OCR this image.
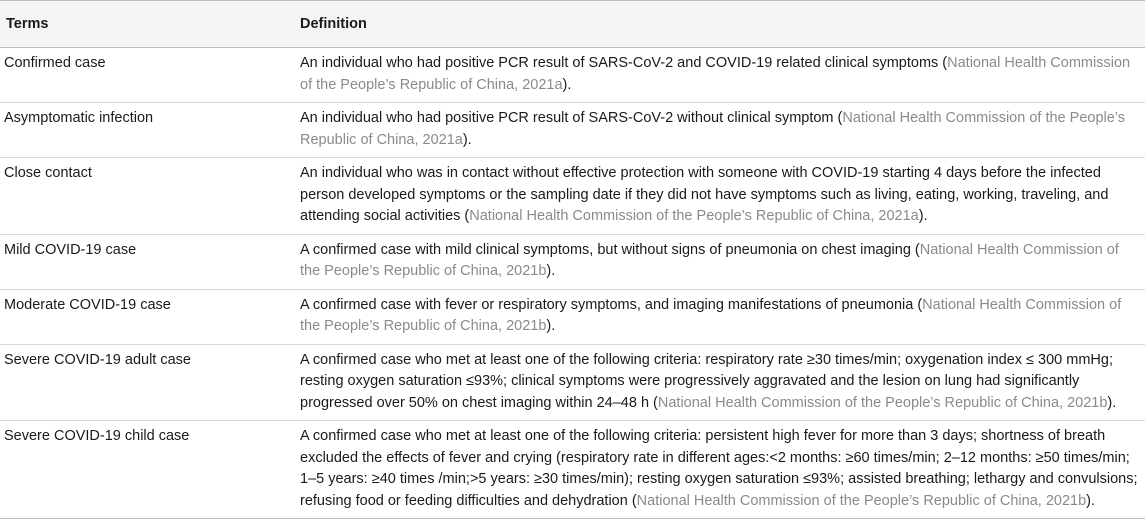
Terms	Definition
Confirmed case	An individual who had positive PCR result of SARS-CoV-2 and COVID-19 related clinical symptoms (National Health Commission of the People’s Republic of China, 2021a).
Asymptomatic infection	An individual who had positive PCR result of SARS-CoV-2 without clinical symptom (National Health Commission of the People’s Republic of China, 2021a).
Close contact	An individual who was in contact without effective protection with someone with COVID-19 starting 4 days before the infected person developed symptoms or the sampling date if they did not have symptoms such as living, eating, working, traveling, and attending social activities (National Health Commission of the People’s Republic of China, 2021a).
Mild COVID-19 case	A confirmed case with mild clinical symptoms, but without signs of pneumonia on chest imaging (National Health Commission of the People’s Republic of China, 2021b).
Moderate COVID-19 case	A confirmed case with fever or respiratory symptoms, and imaging manifestations of pneumonia (National Health Commission of the People’s Republic of China, 2021b).
Severe COVID-19 adult case	A confirmed case who met at least one of the following criteria: respiratory rate ≥30 times/min; oxygenation index ≤ 300 mmHg; resting oxygen saturation ≤93%; clinical symptoms were progressively aggravated and the lesion on lung had significantly progressed over 50% on chest imaging within 24–48 h (National Health Commission of the People’s Republic of China, 2021b).
Severe COVID-19 child case	A confirmed case who met at least one of the following criteria: persistent high fever for more than 3 days; shortness of breath excluded the effects of fever and crying (respiratory rate in different ages:<2 months: ≥60 times/min; 2–12 months: ≥50 times/min; 1–5 years: ≥40 times /min;>5 years: ≥30 times/min); resting oxygen saturation ≤93%; assisted breathing; lethargy and convulsions; refusing food or feeding difficulties and dehydration (National Health Commission of the People’s Republic of China, 2021b).
